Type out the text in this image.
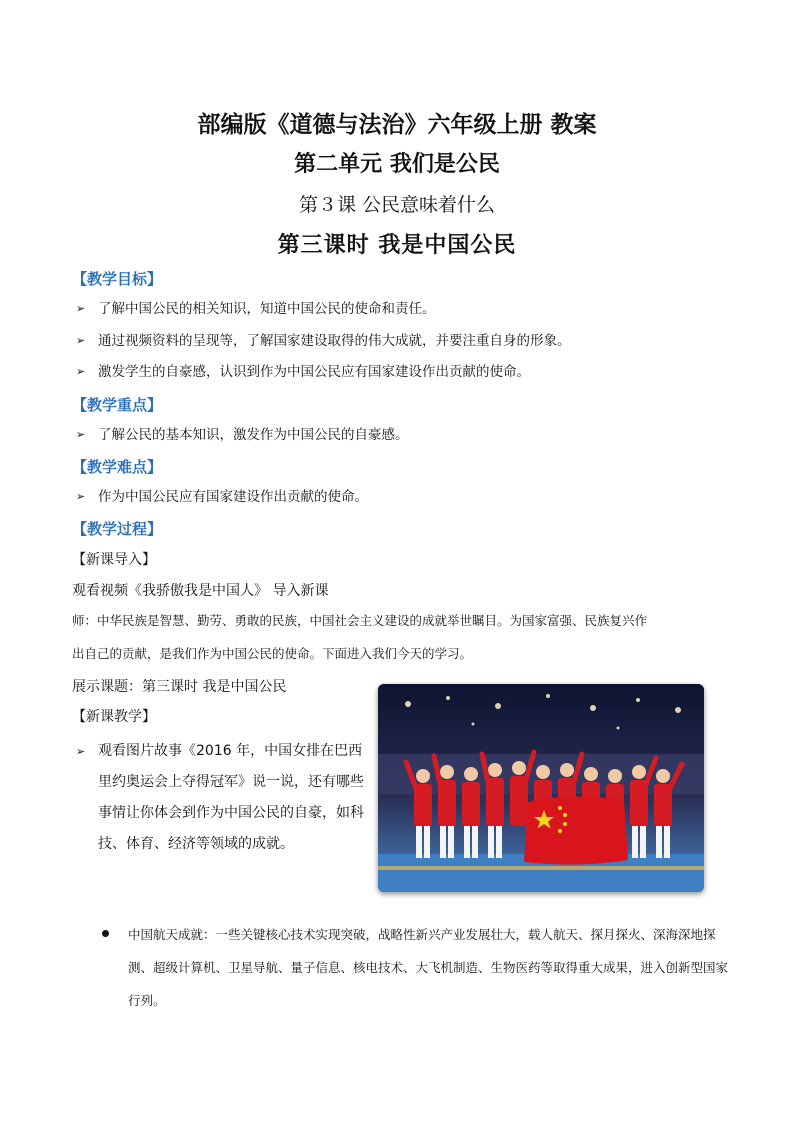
部编版《道德与法治》六年级上册 教案
第二单元 我们是公民
第３课 公民意味着什么
第三课时 我是中国公民
【教学目标】
➢ 了解中国公民的相关知识，知道中国公民的使命和责任。
➢ 通过视频资料的呈现等，了解国家建设取得的伟大成就，并要注重自身的形象。
➢ 激发学生的自豪感，认识到作为中国公民应有国家建设作出贡献的使命。
【教学重点】
➢ 了解公民的基本知识，激发作为中国公民的自豪感。
【教学难点】
➢ 作为中国公民应有国家建设作出贡献的使命。
【教学过程】
【新课导入】
观看视频《我骄傲我是中国人》 导入新课
师：中华民族是智慧、勤劳、勇敢的民族，中国社会主义建设的成就举世瞩目。为国家富强、民族复兴作
出自己的贡献，是我们作为中国公民的使命。下面进入我们今天的学习。
展示课题：第三课时 我是中国公民
【新课教学】
➢ 观看图片故事《2016 年，中国女排在巴西里约奥运会上夺得冠军》说一说，还有哪些事情让你体会到作为中国公民的自豪，如科技、体育、经济等领域的成就。
中国航天成就：一些关键核心技术实现突破，战略性新兴产业发展壮大，载人航天、探月探火、深海深地探测、超级计算机、卫星导航、量子信息、核电技术、大飞机制造、生物医药等取得重大成果，进入创新型国家行列。
